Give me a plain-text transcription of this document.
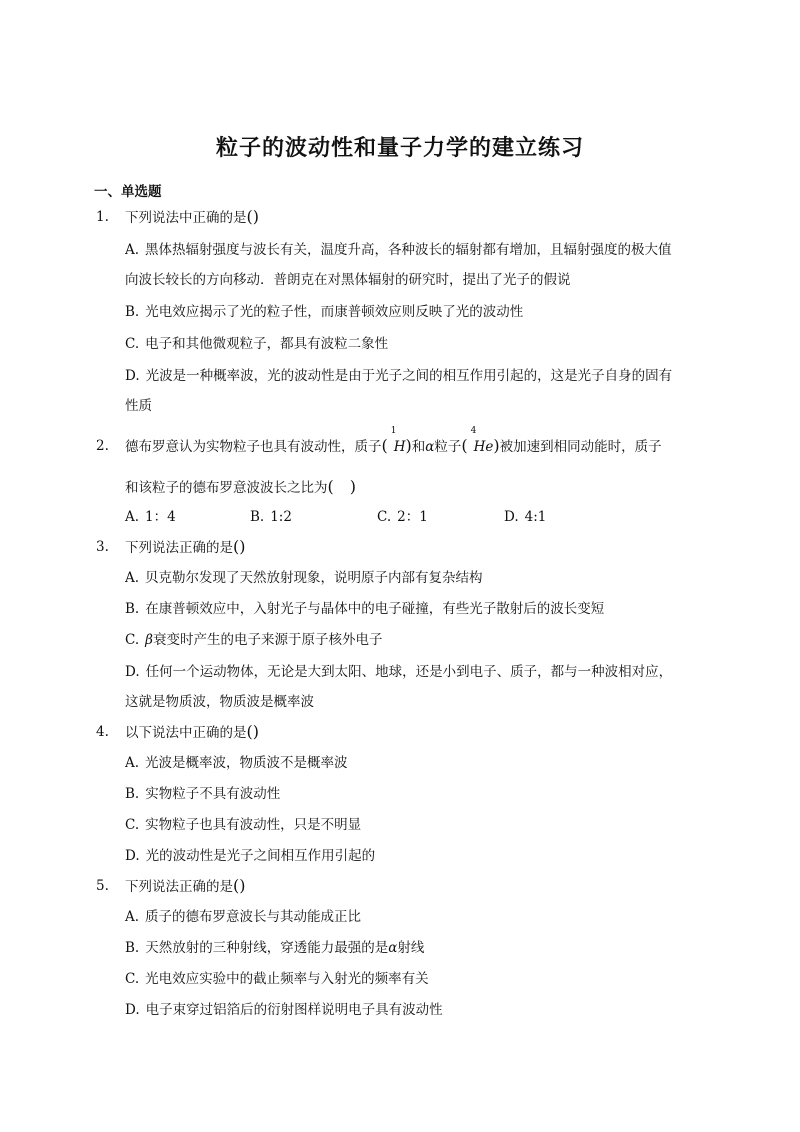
粒子的波动性和量子力学的建立练习
一、单选题
1. 下列说法中正确的是()
A. 黑体热辐射强度与波长有关，温度升高，各种波长的辐射都有增加，且辐射强度的极大值
向波长较长的方向移动．普朗克在对黑体辐射的研究时，提出了光子的假说
B. 光电效应揭示了光的粒子性，而康普顿效应则反映了光的波动性
C. 电子和其他微观粒子，都具有波粒二象性
D. 光波是一种概率波，光的波动性是由于光子之间的相互作用引起的，这是光子自身的固有
性质
2. 德布罗意认为实物粒子也具有波动性，质子(
1
H)和α粒子(
4
He)被加速到相同动能时，质子
和该粒子的德布罗意波波长之比为(　)
A. 1：4	B. 1:2	C. 2：1	D. 4:1
3. 下列说法正确的是()
A. 贝克勒尔发现了天然放射现象，说明原子内部有复杂结构
B. 在康普顿效应中，入射光子与晶体中的电子碰撞，有些光子散射后的波长变短
C. β衰变时产生的电子来源于原子核外电子
D. 任何一个运动物体，无论是大到太阳、地球，还是小到电子、质子，都与一种波相对应，
这就是物质波，物质波是概率波
4. 以下说法中正确的是()
A. 光波是概率波，物质波不是概率波
B. 实物粒子不具有波动性
C. 实物粒子也具有波动性，只是不明显
D. 光的波动性是光子之间相互作用引起的
5. 下列说法正确的是()
A. 质子的德布罗意波长与其动能成正比
B. 天然放射的三种射线，穿透能力最强的是α射线
C. 光电效应实验中的截止频率与入射光的频率有关
D. 电子束穿过铝箔后的衍射图样说明电子具有波动性
